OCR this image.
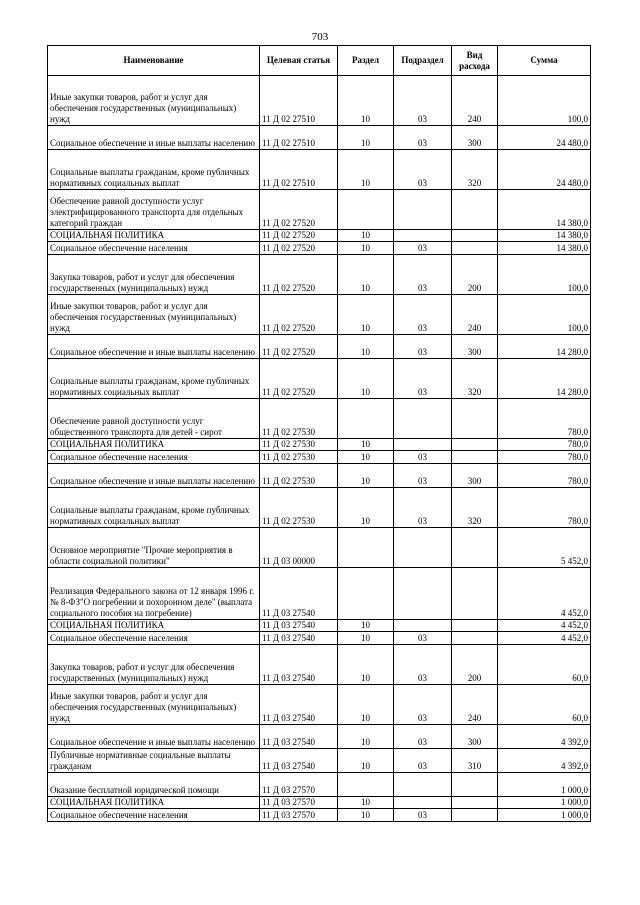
703
Наименование	Целевая статья	Раздел	Подраздел	Вид расхода	Сумма
Иные закупки товаров, работ и услуг для обеспечения государственных (муниципальных) нужд	11 Д 02 27510	10	03	240	100,0
Социальное обеспечение и иные выплаты населению	11 Д 02 27510	10	03	300	24 480,0
Социальные выплаты гражданам, кроме публичных нормативных социальных выплат	11 Д 02 27510	10	03	320	24 480,0
Обеспечение равной доступности услуг электрифицированного транспорта для отдельных категорий граждан	11 Д 02 27520				14 380,0
СОЦИАЛЬНАЯ ПОЛИТИКА	11 Д 02 27520	10			14 380,0
Социальное обеспечение населения	11 Д 02 27520	10	03		14 380,0
Закупка товаров, работ и услуг для обеспечения государственных (муниципальных) нужд	11 Д 02 27520	10	03	200	100,0
Иные закупки товаров, работ и услуг для обеспечения государственных (муниципальных) нужд	11 Д 02 27520	10	03	240	100,0
Социальное обеспечение и иные выплаты населению	11 Д 02 27520	10	03	300	14 280,0
Социальные выплаты гражданам, кроме публичных нормативных социальных выплат	11 Д 02 27520	10	03	320	14 280,0
Обеспечение равной доступности услуг общественного транспорта для детей - сирот	11 Д 02 27530				780,0
СОЦИАЛЬНАЯ ПОЛИТИКА	11 Д 02 27530	10			780,0
Социальное обеспечение населения	11 Д 02 27530	10	03		780,0
Социальное обеспечение и иные выплаты населению	11 Д 02 27530	10	03	300	780,0
Социальные выплаты гражданам, кроме публичных нормативных социальных выплат	11 Д 02 27530	10	03	320	780,0
Основное мероприятие "Прочие мероприятия в области социальной политики"	11 Д 03 00000				5 452,0
Реализация Федерального закона от 12 января 1996 г. № 8-ФЗ"О погребении и похоронном деле" (выплата социального пособия на погребение)	11 Д 03 27540				4 452,0
СОЦИАЛЬНАЯ ПОЛИТИКА	11 Д 03 27540	10			4 452,0
Социальное обеспечение населения	11 Д 03 27540	10	03		4 452,0
Закупка товаров, работ и услуг для обеспечения государственных (муниципальных) нужд	11 Д 03 27540	10	03	200	60,0
Иные закупки товаров, работ и услуг для обеспечения государственных (муниципальных) нужд	11 Д 03 27540	10	03	240	60,0
Социальное обеспечение и иные выплаты населению	11 Д 03 27540	10	03	300	4 392,0
Публичные нормативные социальные выплаты гражданам	11 Д 03 27540	10	03	310	4 392,0
Оказание бесплатной юридической помощи	11 Д 03 27570				1 000,0
СОЦИАЛЬНАЯ ПОЛИТИКА	11 Д 03 27570	10			1 000,0
Социальное обеспечение населения	11 Д 03 27570	10	03		1 000,0
